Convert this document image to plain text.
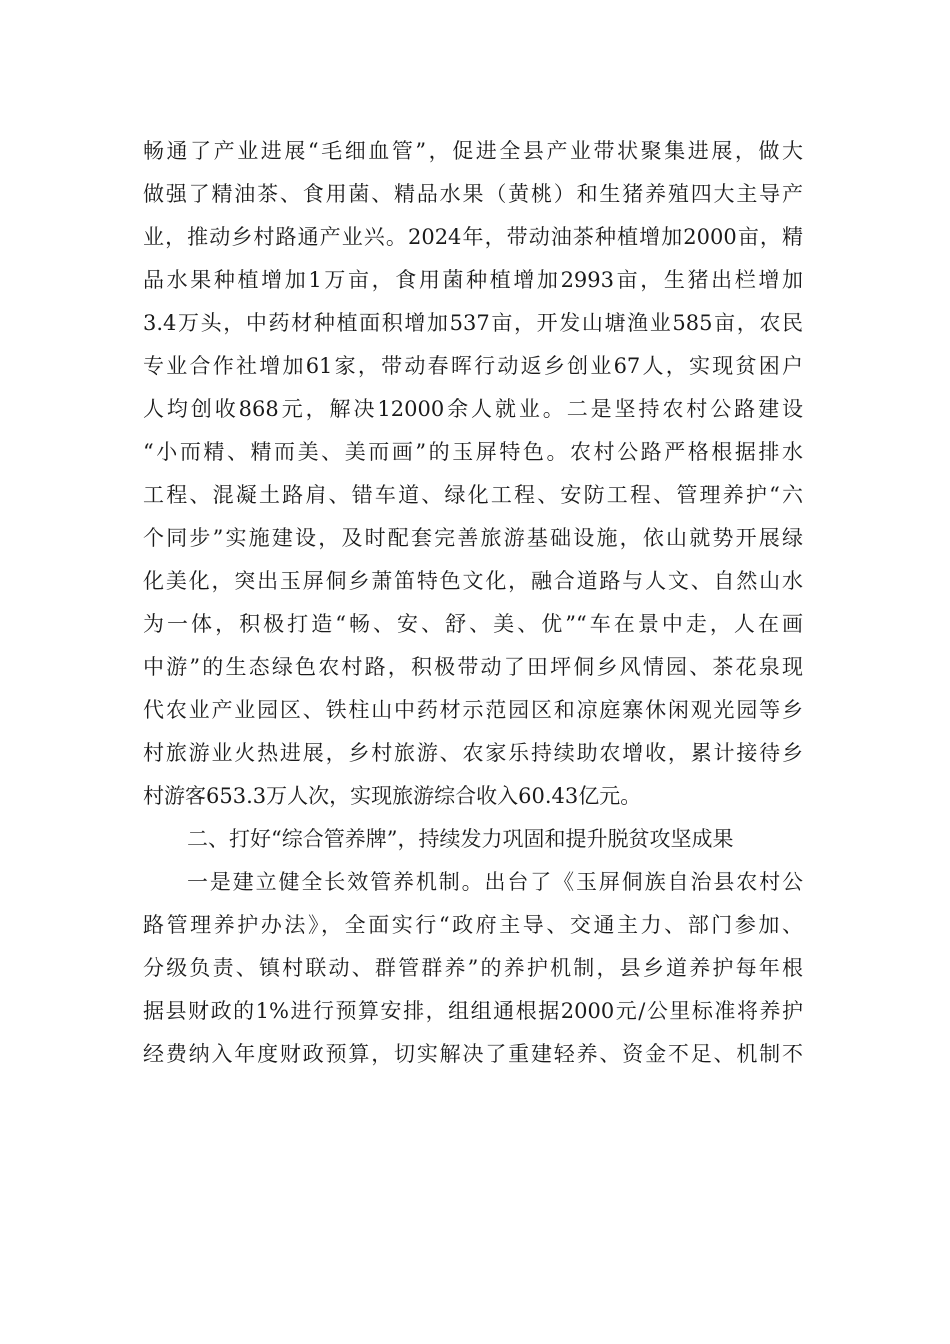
畅通了产业进展“毛细血管”，促进全县产业带状聚集进展，做大
做强了精油茶、食用菌、精品水果（黄桃）和生猪养殖四大主导产
业，推动乡村路通产业兴。2024年，带动油茶种植增加2000亩，精
品水果种植增加1万亩，食用菌种植增加2993亩，生猪出栏增加
3.4万头，中药材种植面积增加537亩，开发山塘渔业585亩，农民
专业合作社增加61家，带动春晖行动返乡创业67人，实现贫困户
人均创收868元，解决12000余人就业。二是坚持农村公路建设
“小而精、精而美、美而画”的玉屏特色。农村公路严格根据排水
工程、混凝土路肩、错车道、绿化工程、安防工程、管理养护“六
个同步”实施建设，及时配套完善旅游基础设施，依山就势开展绿
化美化，突出玉屏侗乡萧笛特色文化，融合道路与人文、自然山水
为一体，积极打造“畅、安、舒、美、优”“车在景中走，人在画
中游”的生态绿色农村路，积极带动了田坪侗乡风情园、茶花泉现
代农业产业园区、铁柱山中药材示范园区和凉庭寨休闲观光园等乡
村旅游业火热进展，乡村旅游、农家乐持续助农增收，累计接待乡
村游客653.3万人次，实现旅游综合收入60.43亿元。
二、打好“综合管养牌”，持续发力巩固和提升脱贫攻坚成果
一是建立健全长效管养机制。出台了《玉屏侗族自治县农村公
路管理养护办法》，全面实行“政府主导、交通主力、部门参加、
分级负责、镇村联动、群管群养”的养护机制，县乡道养护每年根
据县财政的1%进行预算安排，组组通根据2000元/公里标准将养护
经费纳入年度财政预算，切实解决了重建轻养、资金不足、机制不
